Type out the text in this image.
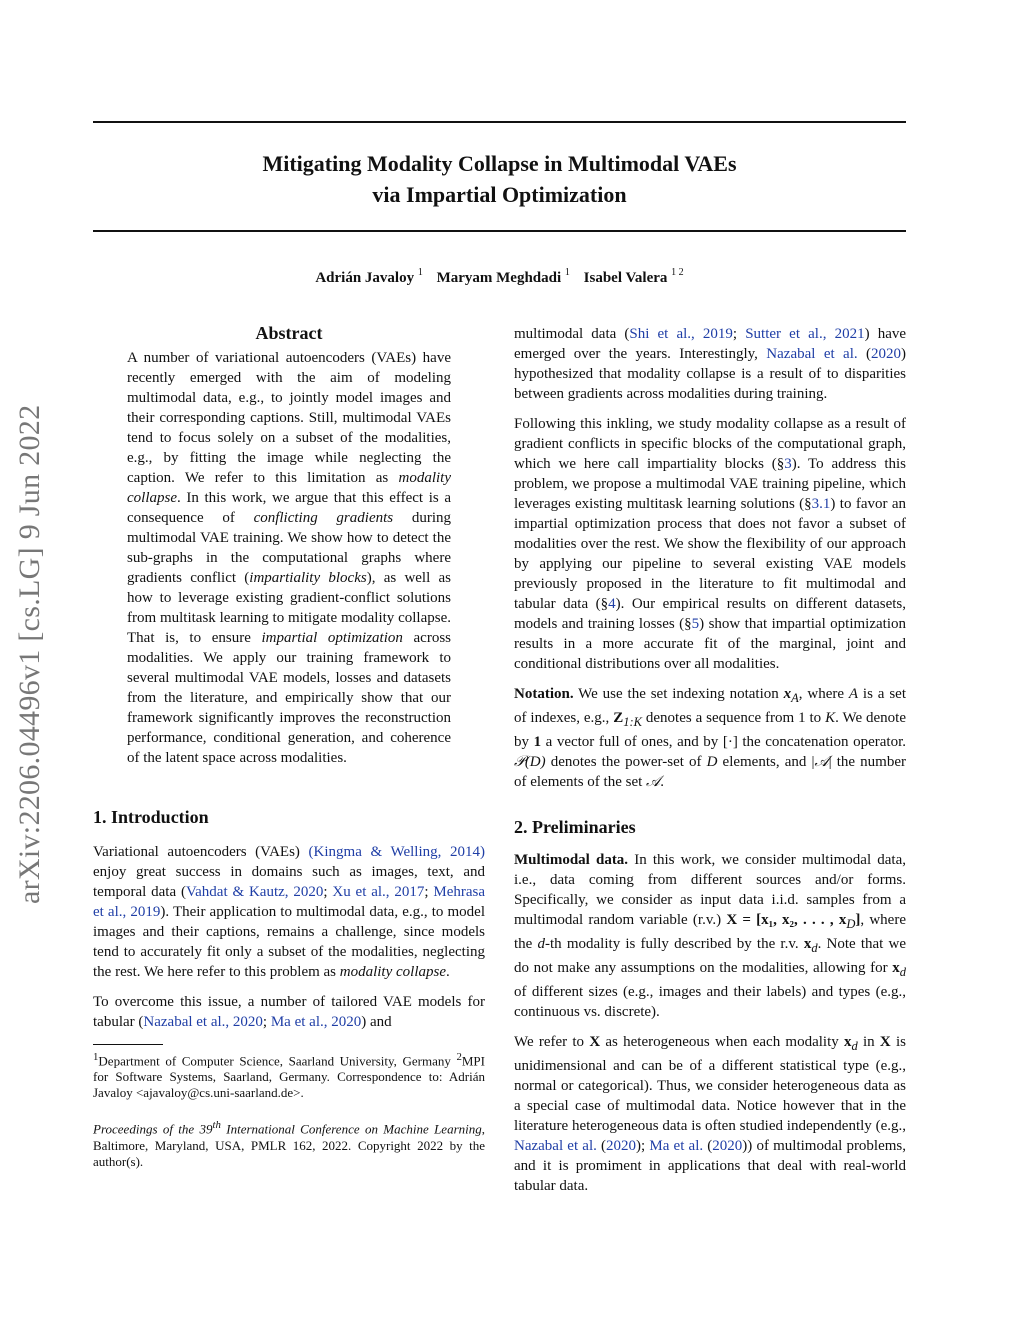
arXiv:2206.04496v1 [cs.LG] 9 Jun 2022
Mitigating Modality Collapse in Multimodal VAEs
via Impartial Optimization
Adrián Javaloy $^1$ Maryam Meghdadi $^1$ Isabel Valera $^{1 2}$
Abstract

A number of variational autoencoders (VAEs) have recently emerged with the aim of modeling multimodal data, e.g., to jointly model images and their corresponding captions. Still, multimodal VAEs tend to focus solely on a subset of the modalities, e.g., by fitting the image while neglecting the caption. We refer to this limitation as modality collapse. In this work, we argue that this effect is a consequence of conflicting gradients during multimodal VAE training. We show how to detect the sub-graphs in the computational graphs where gradients conflict (impartiality blocks), as well as how to leverage existing gradient-conflict solutions from multitask learning to mitigate modality collapse. That is, to ensure impartial optimization across modalities. We apply our training framework to several multimodal VAE models, losses and datasets from the literature, and empirically show that our framework significantly improves the reconstruction performance, conditional generation, and coherence of the latent space across modalities.

1. Introduction

Variational autoencoders (VAEs) (Kingma & Welling, 2014) enjoy great success in domains such as images, text, and temporal data (Vahdat & Kautz, 2020; Xu et al., 2017; Mehrasa et al., 2019). Their application to multimodal data, e.g., to model images and their captions, remains a challenge, since models tend to accurately fit only a subset of the modalities, neglecting the rest. We here refer to this problem as modality collapse.

To overcome this issue, a number of tailored VAE models for tabular (Nazabal et al., 2020; Ma et al., 2020) and

$^1$Department of Computer Science, Saarland University, Germany $^2$MPI for Software Systems, Saarland, Germany. Correspondence to: Adrián Javaloy <ajavaloy@cs.uni-saarland.de>.

Proceedings of the 39th International Conference on Machine Learning, Baltimore, Maryland, USA, PMLR 162, 2022. Copyright 2022 by the author(s).

multimodal data (Shi et al., 2019; Sutter et al., 2021) have emerged over the years. Interestingly, Nazabal et al. (2020) hypothesized that modality collapse is a result of to disparities between gradients across modalities during training.

Following this inkling, we study modality collapse as a result of gradient conflicts in specific blocks of the computational graph, which we here call impartiality blocks (§3). To address this problem, we propose a multimodal VAE training pipeline, which leverages existing multitask learning solutions (§3.1) to favor an impartial optimization process that does not favor a subset of modalities over the rest. We show the flexibility of our approach by applying our pipeline to several existing VAE models previously proposed in the literature to fit multimodal and tabular data (§4). Our empirical results on different datasets, models and training losses (§5) show that impartial optimization results in a more accurate fit of the marginal, joint and conditional distributions over all modalities.

Notation. We use the set indexing notation $x_A$, where A is a set of indexes, e.g., $Z_{1:K}$ denotes a sequence from 1 to K. We denote by 1 a vector full of ones, and by [·] the concatenation operator. 𝒫(D) denotes the power-set of D elements, and |𝒜| the number of elements of the set 𝒜.

2. Preliminaries

Multimodal data. In this work, we consider multimodal data, i.e., data coming from different sources and/or forms. Specifically, we consider as input data i.i.d. samples from a multimodal random variable (r.v.) X = [x₁, x₂, . . . , $x_D$], where the d-th modality is fully described by the r.v. $x_d$. Note that we do not make any assumptions on the modalities, allowing for $x_d$ of different sizes (e.g., images and their labels) and types (e.g., continuous vs. discrete).

We refer to X as heterogeneous when each modality $x_d$ in X is unidimensional and can be of a different statistical type (e.g., normal or categorical). Thus, we consider heterogeneous data as a special case of multimodal data. Notice however that in the literature heterogeneous data is often studied independently (e.g., Nazabal et al. (2020); Ma et al. (2020)) of multimodal problems, and it is promiment in applications that deal with real-world tabular data.
